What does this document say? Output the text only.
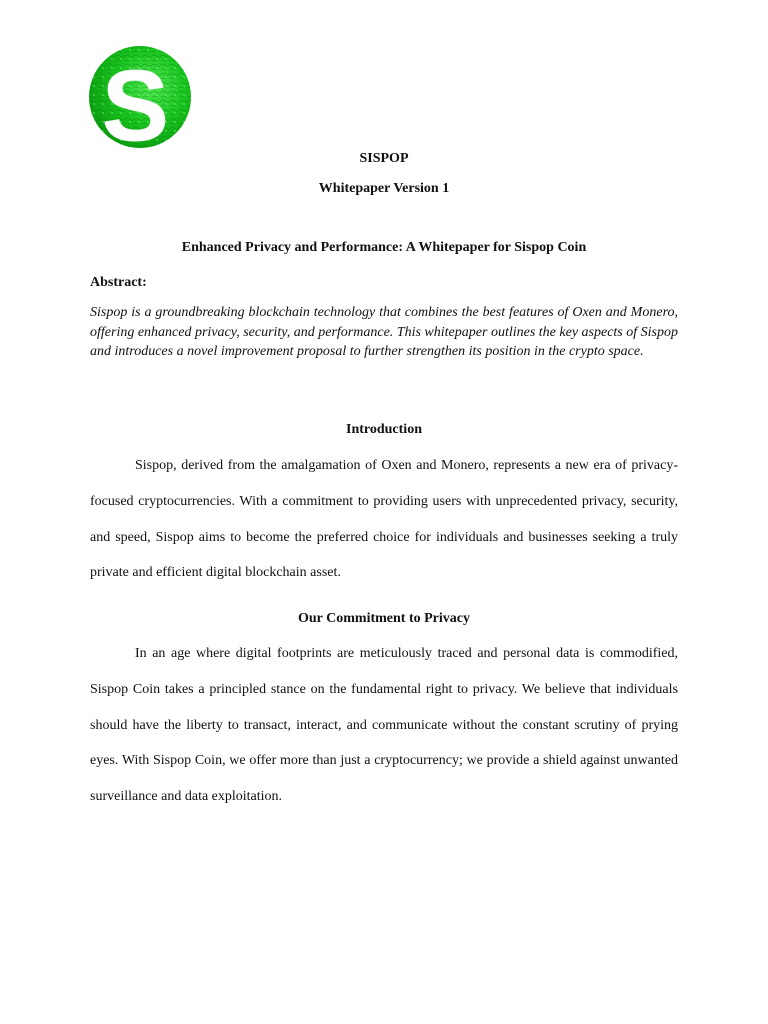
S	SISPOP
Whitepaper Version 1
Enhanced Privacy and Performance: A Whitepaper for Sispop Coin
Abstract:
Sispop is a groundbreaking blockchain technology that combines the best features of Oxen and Monero, offering enhanced privacy, security, and performance. This whitepaper outlines the key aspects of Sispop and introduces a novel improvement proposal to further strengthen its position in the crypto space.
Introduction
Sispop, derived from the amalgamation of Oxen and Monero, represents a new era of privacy-focused cryptocurrencies. With a commitment to providing users with unprecedented privacy, security, and speed, Sispop aims to become the preferred choice for individuals and businesses seeking a truly private and efficient digital blockchain asset.
Our Commitment to Privacy
In an age where digital footprints are meticulously traced and personal data is commodified, Sispop Coin takes a principled stance on the fundamental right to privacy. We believe that individuals should have the liberty to transact, interact, and communicate without the constant scrutiny of prying eyes. With Sispop Coin, we offer more than just a cryptocurrency; we provide a shield against unwanted surveillance and data exploitation.
